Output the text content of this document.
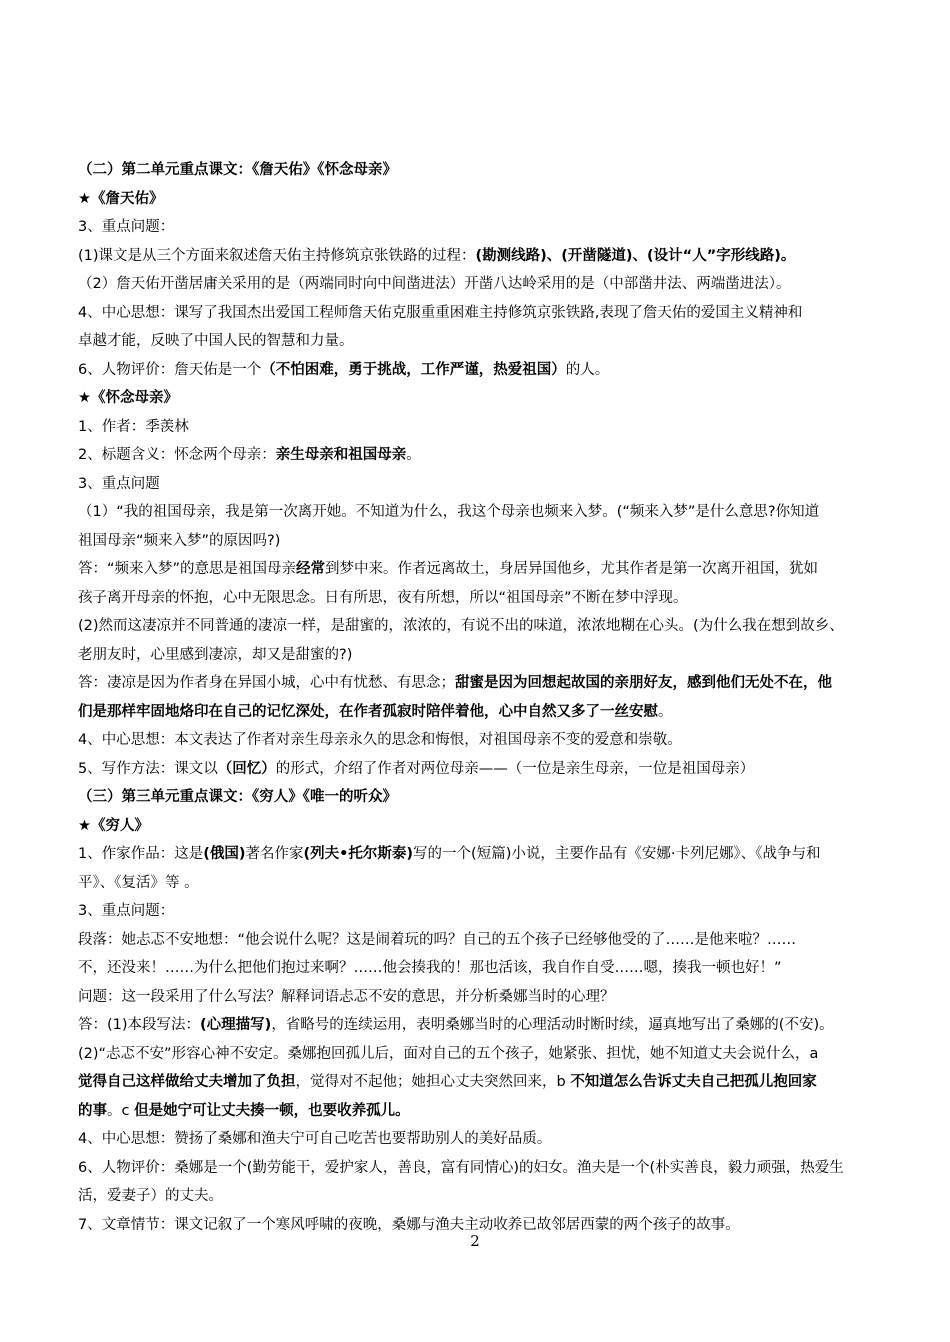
（二）第二单元重点课文：《詹天佑》《怀念母亲》
★《詹天佑》
3、重点问题：
(1)课文是从三个方面来叙述詹天佑主持修筑京张铁路的过程：(勘测线路)、(开凿隧道)、(设计“人”字形线路)。
（2）詹天佑开凿居庸关采用的是（两端同时向中间凿进法）开凿八达岭采用的是（中部凿井法、两端凿进法）。
4、中心思想：课写了我国杰出爱国工程师詹天佑克服重重困难主持修筑京张铁路,表现了詹天佑的爱国主义精神和
卓越才能，反映了中国人民的智慧和力量。
6、人物评价：詹天佑是一个（不怕困难，勇于挑战，工作严谨，热爱祖国）的人。
★《怀念母亲》
1、作者：季羡林
2、标题含义：怀念两个母亲：亲生母亲和祖国母亲。
3、重点问题
（1）“我的祖国母亲，我是第一次离开她。不知道为什么，我这个母亲也频来入梦。(“频来入梦”是什么意思?你知道
祖国母亲“频来入梦”的原因吗?)
答：“频来入梦”的意思是祖国母亲经常到梦中来。作者远离故土，身居异国他乡，尤其作者是第一次离开祖国，犹如
孩子离开母亲的怀抱，心中无限思念。日有所思，夜有所想，所以“祖国母亲”不断在梦中浮现。
(2)然而这凄凉并不同普通的凄凉一样，是甜蜜的，浓浓的，有说不出的味道，浓浓地糊在心头。(为什么我在想到故乡、
老朋友时，心里感到凄凉，却又是甜蜜的?)
答：凄凉是因为作者身在异国小城，心中有忧愁、有思念；甜蜜是因为回想起故国的亲朋好友，感到他们无处不在，他
们是那样牢固地烙印在自己的记忆深处，在作者孤寂时陪伴着他，心中自然又多了一丝安慰。
4、中心思想：本文表达了作者对亲生母亲永久的思念和悔恨，对祖国母亲不变的爱意和崇敬。
5、写作方法：课文以（回忆）的形式，介绍了作者对两位母亲——（一位是亲生母亲，一位是祖国母亲）
（三）第三单元重点课文：《穷人》《唯一的听众》
★《穷人》
1、作家作品：这是(俄国)著名作家(列夫•托尔斯泰)写的一个(短篇)小说，主要作品有《安娜·卡列尼娜》、《战争与和
平》、《复活》等 。
3、重点问题：
段落：她忐忑不安地想：“他会说什么呢？这是闹着玩的吗？自己的五个孩子已经够他受的了……是他来啦？……
不，还没来！……为什么把他们抱过来啊？……他会揍我的！那也活该，我自作自受……嗯，揍我一顿也好！”
问题：这一段采用了什么写法？解释词语忐忑不安的意思，并分析桑娜当时的心理？
答：(1)本段写法：(心理描写)，省略号的连续运用，表明桑娜当时的心理活动时断时续，逼真地写出了桑娜的(不安)。
(2)“忐忑不安”形容心神不安定。桑娜抱回孤儿后，面对自己的五个孩子，她紧张、担忧，她不知道丈夫会说什么，a
觉得自己这样做给丈夫增加了负担，觉得对不起他；她担心丈夫突然回来，b 不知道怎么告诉丈夫自己把孤儿抱回家
的事。c 但是她宁可让丈夫揍一顿，也要收养孤儿。
4、中心思想：赞扬了桑娜和渔夫宁可自己吃苦也要帮助别人的美好品质。
6、人物评价：桑娜是一个(勤劳能干，爱护家人，善良，富有同情心)的妇女。渔夫是一个(朴实善良，毅力顽强，热爱生
活，爱妻子）的丈夫。
7、文章情节：课文记叙了一个寒风呼啸的夜晚，桑娜与渔夫主动收养已故邻居西蒙的两个孩子的故事。
2
